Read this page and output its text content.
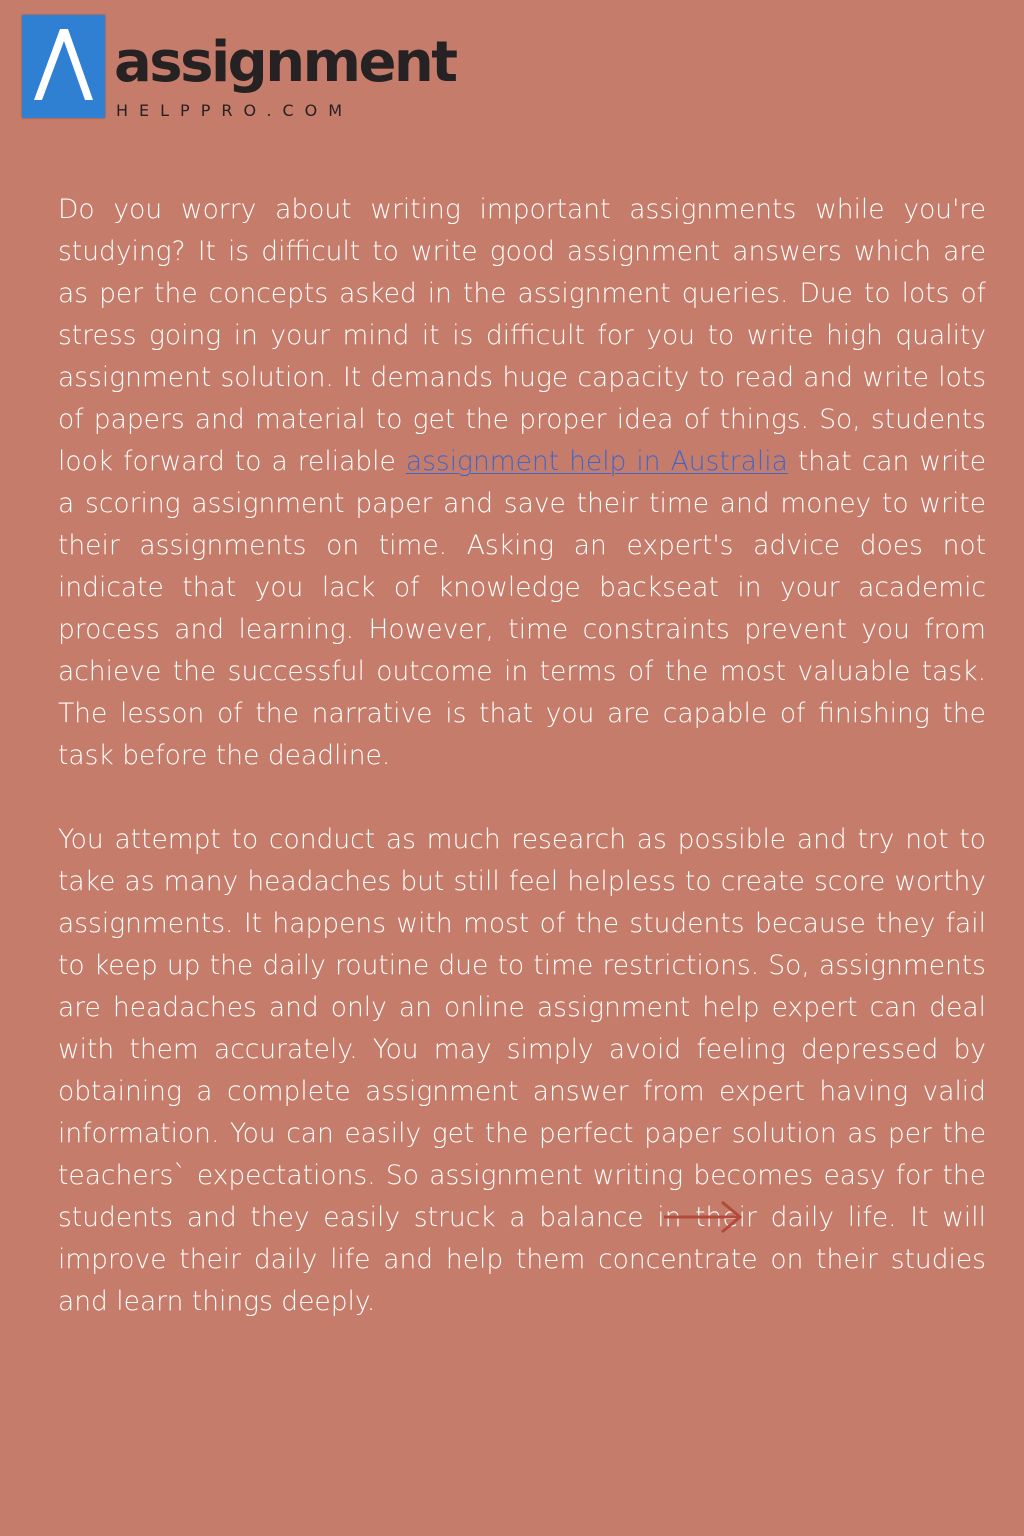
assignment
HELPPRO.COM

Do you worry about writing important assignments while you're studying? It is difficult to write good assignment answers which are as per the concepts asked in the assignment queries. Due to lots of stress going in your mind it is difficult for you to write high quality assignment solution. It demands huge capacity to read and write lots of papers and material to get the proper idea of things. So, students look forward to a reliable assignment help in Australia that can write a scoring assignment paper and save their time and money to write their assignments on time. Asking an expert's advice does not indicate that you lack of knowledge backseat in your academic process and learning. However, time constraints prevent you from achieve the successful outcome in terms of the most valuable task. The lesson of the narrative is that you are capable of finishing the task before the deadline.

You attempt to conduct as much research as possible and try not to take as many headaches but still feel helpless to create score worthy assignments. It happens with most of the students because they fail to keep up the daily routine due to time restrictions. So, assignments are headaches and only an online assignment help expert can deal with them accurately. You may simply avoid feeling depressed by obtaining a complete assignment answer from expert having valid information. You can easily get the perfect paper solution as per the teachers` expectations. So assignment writing becomes easy for the students and they easily struck a balance in their daily life. It will improve their daily life and help them concentrate on their studies and learn things deeply.
